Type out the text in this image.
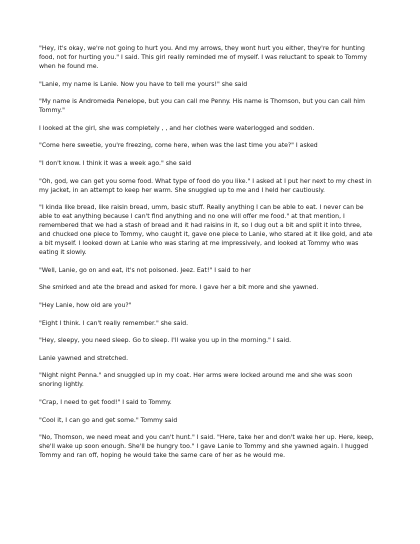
"Hey, it's okay, we're not going to hurt you. And my arrows, they wont hurt you either, they're for hunting food, not for hurting you." I said. This girl really reminded me of myself. I was reluctant to speak to Tommy when he found me.

"Lanie, my name is Lanie. Now you have to tell me yours!" she said

"My name is Andromeda Penelope, but you can call me Penny. His name is Thomson, but you can call him Tommy."

I looked at the girl, she was completely , , and her clothes were waterlogged and sodden.

"Come here sweetie, you're freezing, come here, when was the last time you ate?" I asked

"I don't know. I think it was a week ago." she said

"Oh, god, we can get you some food. What type of food do you like." I asked at I put her next to my chest in my jacket, in an attempt to keep her warm. She snuggled up to me and I held her cautiously.

"I kinda like bread, like raisin bread, umm, basic stuff. Really anything I can be able to eat. I never can be able to eat anything because I can't find anything and no one will offer me food." at that mention, I remembered that we had a stash of bread and it had raisins in it, so I dug out a bit and split it into three, and chucked one piece to Tommy, who caught it, gave one piece to Lanie, who stared at it like gold, and ate a bit myself. I looked down at Lanie who was staring at me impressively, and looked at Tommy who was eating it slowly.

"Well, Lanie, go on and eat, it's not poisoned. Jeez. Eat!" I said to her

She smirked and ate the bread and asked for more. I gave her a bit more and she yawned.

"Hey Lanie, how old are you?"

"Eight I think. I can't really remember." she said.

"Hey, sleepy, you need sleep. Go to sleep. I'll wake you up in the morning." I said.

Lanie yawned and stretched.

"Night night Penna." and snuggled up in my coat. Her arms were locked around me and she was soon snoring lightly.

"Crap, I need to get food!" I said to Tommy.

"Cool it, I can go and get some." Tommy said

"No, Thomson, we need meat and you can't hunt." I said. "Here, take her and don't wake her up. Here, keep, she'll wake up soon enough. She'll be hungry too." I gave Lanie to Tommy and she yawned again. I hugged Tommy and ran off, hoping he would take the same care of her as he would me.
